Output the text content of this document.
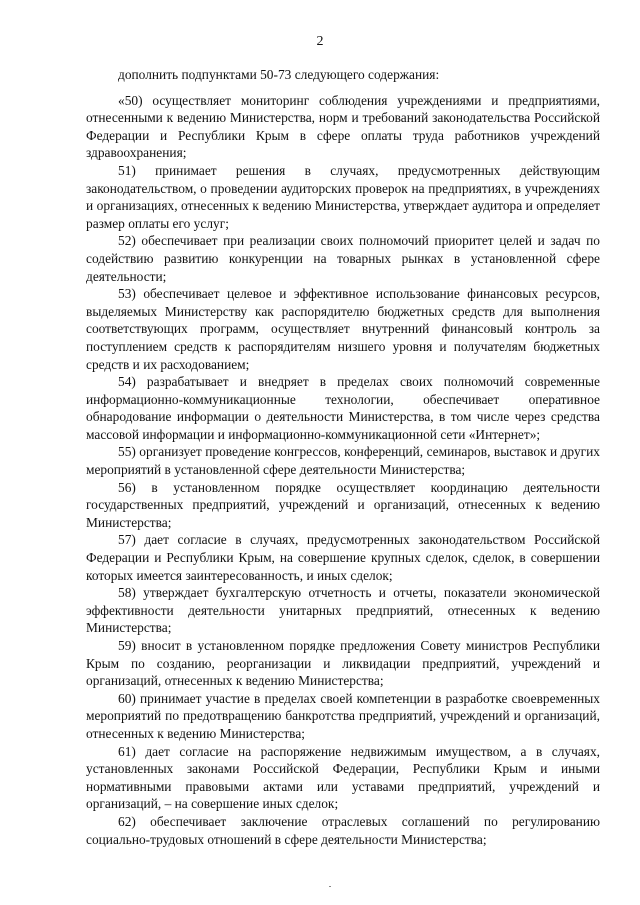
2

дополнить подпунктами 50-73 следующего содержания:

«50) осуществляет мониторинг соблюдения учреждениями и предприятиями, отнесенными к ведению Министерства, норм и требований законодательства Российской Федерации и Республики Крым в сфере оплаты труда работников учреждений здравоохранения;

51) принимает решения в случаях, предусмотренных действующим законодательством, о проведении аудиторских проверок на предприятиях, в учреждениях и организациях, отнесенных к ведению Министерства, утверждает аудитора и определяет размер оплаты его услуг;

52) обеспечивает при реализации своих полномочий приоритет целей и задач по содействию развитию конкуренции на товарных рынках в установленной сфере деятельности;

53) обеспечивает целевое и эффективное использование финансовых ресурсов, выделяемых Министерству как распорядителю бюджетных средств для выполнения соответствующих программ, осуществляет внутренний финансовый контроль за поступлением средств к распорядителям низшего уровня и получателям бюджетных средств и их расходованием;

54) разрабатывает и внедряет в пределах своих полномочий современные информационно-коммуникационные технологии, обеспечивает оперативное обнародование информации о деятельности Министерства, в том числе через средства массовой информации и информационно-коммуникационной сети «Интернет»;

55) организует проведение конгрессов, конференций, семинаров, выставок и других мероприятий в установленной сфере деятельности Министерства;

56) в установленном порядке осуществляет координацию деятельности государственных предприятий, учреждений и организаций, отнесенных к ведению Министерства;

57) дает согласие в случаях, предусмотренных законодательством Российской Федерации и Республики Крым, на совершение крупных сделок, сделок, в совершении которых имеется заинтересованность, и иных сделок;

58) утверждает бухгалтерскую отчетность и отчеты, показатели экономической эффективности деятельности унитарных предприятий, отнесенных к ведению Министерства;

59) вносит в установленном порядке предложения Совету министров Республики Крым по созданию, реорганизации и ликвидации предприятий, учреждений и организаций, отнесенных к ведению Министерства;

60) принимает участие в пределах своей компетенции в разработке своевременных мероприятий по предотвращению банкротства предприятий, учреждений и организаций, отнесенных к ведению Министерства;

61) дает согласие на распоряжение недвижимым имуществом, а в случаях, установленных законами Российской Федерации, Республики Крым и иными нормативными правовыми актами или уставами предприятий, учреждений и организаций, – на совершение иных сделок;

62) обеспечивает заключение отраслевых соглашений по регулированию социально-трудовых отношений в сфере деятельности Министерства;
